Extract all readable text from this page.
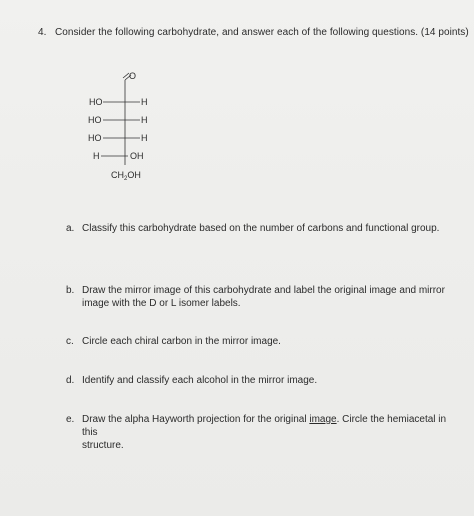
4. Consider the following carbohydrate, and answer each of the following questions. (14 points)
O
HO	H
HO	H
HO	H
H	OH
$CH_2OH$
a. Classify this carbohydrate based on the number of carbons and functional group.
b. Draw the mirror image of this carbohydrate and label the original image and mirror
image with the D or L isomer labels.
c. Circle each chiral carbon in the mirror image.
d. Identify and classify each alcohol in the mirror image.
e. Draw the alpha Hayworth projection for the original image. Circle the hemiacetal in this
structure.
